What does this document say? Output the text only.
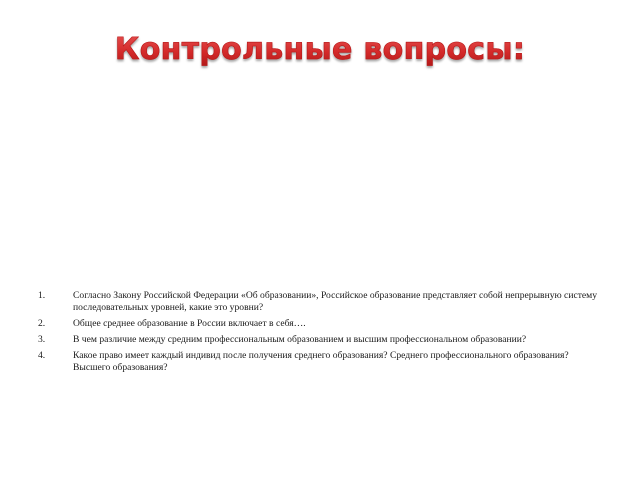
Контрольные вопросы:
1.	Согласно Закону Российской Федерации «Об образовании», Российское образование представляет собой непрерывную систему последовательных уровней, какие это уровни?
2.	Общее среднее образование в России включает в себя….
3.	В чем различие между средним профессиональным образованием и высшим профессиональном образовании?
4.	Какое право имеет каждый индивид после получения среднего образования? Среднего профессионального образования? Высшего образования?
